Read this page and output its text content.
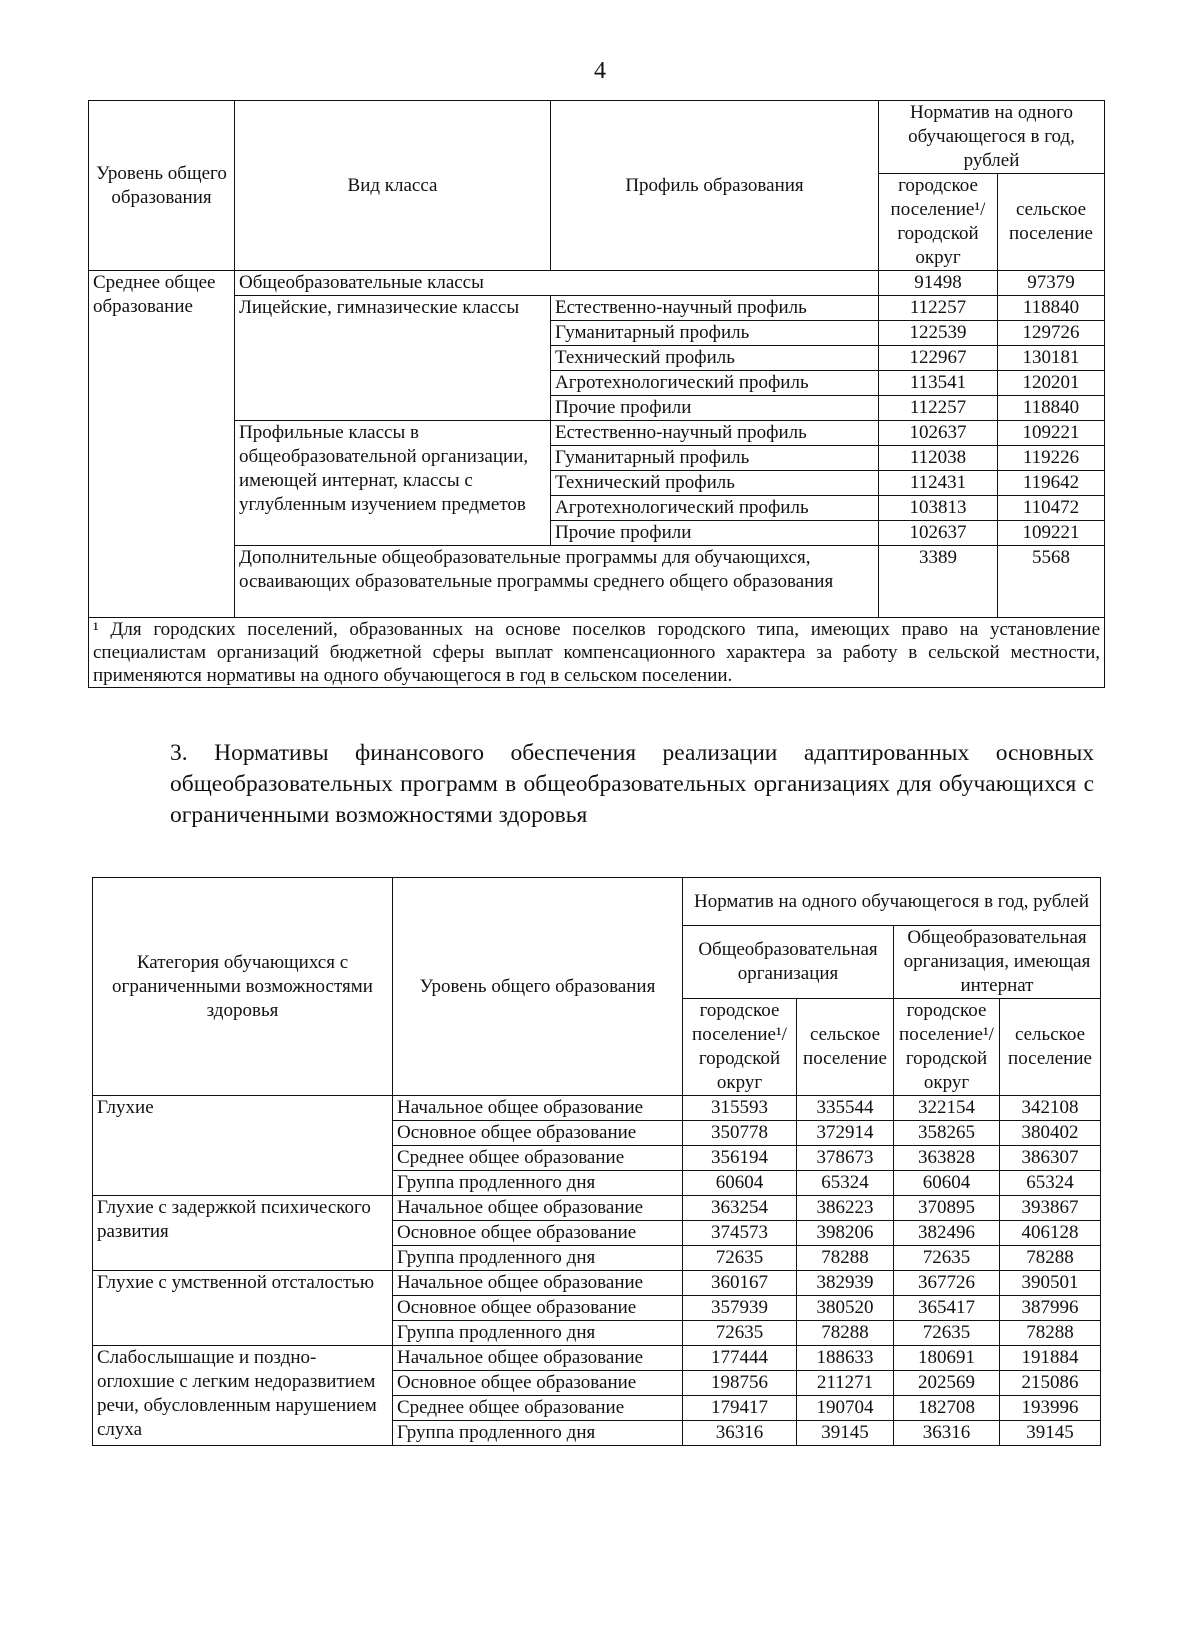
4
Уровень общего образования	Вид класса	Профиль образования	Норматив на одного обучающегося в год, рублей	
			городское поселение¹/ городской округ	сельское поселение
Среднее общее образование	Общеобразовательные классы		91498	97379
	Лицейские, гимназические классы	Естественно-научный профиль	112257	118840
		Гуманитарный профиль	122539	129726
		Технический профиль	122967	130181
		Агротехнологический профиль	113541	120201
		Прочие профили	112257	118840
	Профильные классы в общеобразовательной организации, имеющей интернат, классы с углубленным изучением предметов	Естественно-научный профиль	102637	109221
		Гуманитарный профиль	112038	119226
		Технический профиль	112431	119642
		Агротехнологический профиль	103813	110472
		Прочие профили	102637	109221
	Дополнительные общеобразовательные программы для обучающихся, осваивающих образовательные программы среднего общего образования		3389	5568
¹ Для городских поселений, образованных на основе поселков городского типа, имеющих право на установление специалистам организаций бюджетной сферы выплат компенсационного характера за работу в сельской местности, применяются нормативы на одного обучающегося в год в сельском поселении.				
3. Нормативы финансового обеспечения реализации адаптированных основных общеобразовательных программ в общеобразовательных организациях для обучающихся с ограниченными возможностями здоровья
Категория обучающихся с ограниченными возможностями здоровья	Уровень общего образования	Норматив на одного обучающегося в год, рублей			
		Общеобразовательная организация		Общеобразовательная организация, имеющая интернат	
		городское поселение¹/ городской округ	сельское поселение	городское поселение¹/ городской округ	сельское поселение
Глухие	Начальное общее образование	315593	335544	322154	342108
	Основное общее образование	350778	372914	358265	380402
	Среднее общее образование	356194	378673	363828	386307
	Группа продленного дня	60604	65324	60604	65324
Глухие с задержкой психического развития	Начальное общее образование	363254	386223	370895	393867
	Основное общее образование	374573	398206	382496	406128
	Группа продленного дня	72635	78288	72635	78288
Глухие с умственной отсталостью	Начальное общее образование	360167	382939	367726	390501
	Основное общее образование	357939	380520	365417	387996
	Группа продленного дня	72635	78288	72635	78288
Слабослышащие и поздно-оглохшие с легким недоразвитием речи, обусловленным нарушением слуха	Начальное общее образование	177444	188633	180691	191884
	Основное общее образование	198756	211271	202569	215086
	Среднее общее образование	179417	190704	182708	193996
	Группа продленного дня	36316	39145	36316	39145
